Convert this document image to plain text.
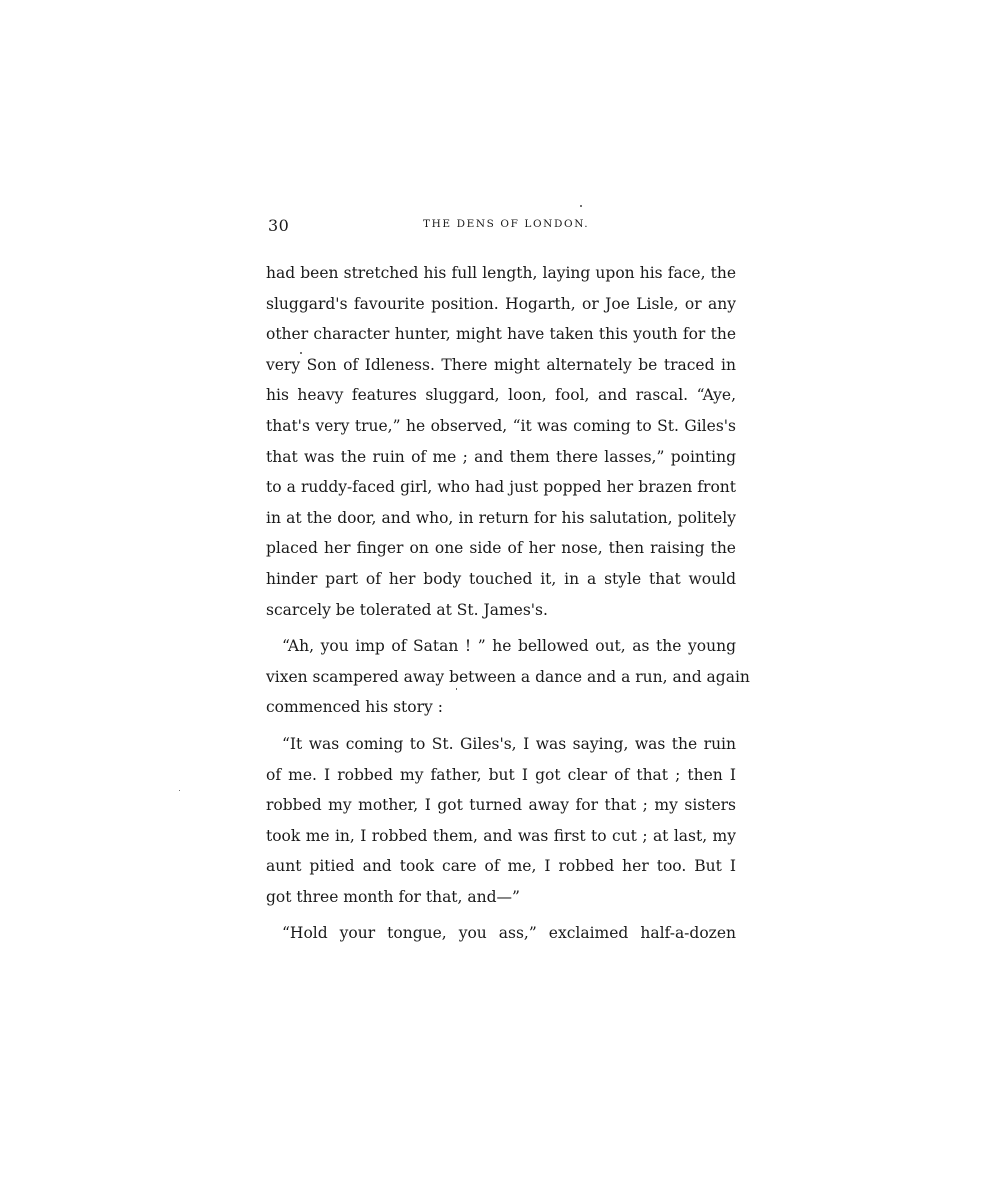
30	THE DENS OF LONDON.
had been stretched his full length, laying upon his face, the
sluggard's favourite position. Hogarth, or Joe Lisle, or any
other character hunter, might have taken this youth for the
very Son of Idleness. There might alternately be traced in
his heavy features sluggard, loon, fool, and rascal. “Aye,
that's very true,” he observed, “it was coming to St. Giles's
that was the ruin of me ; and them there lasses,” pointing
to a ruddy-faced girl, who had just popped her brazen front
in at the door, and who, in return for his salutation, politely
placed her finger on one side of her nose, then raising the
hinder part of her body touched it, in a style that would
scarcely be tolerated at St. James's.
“Ah, you imp of Satan ! ” he bellowed out, as the young
vixen scampered away between a dance and a run, and again
commenced his story :
“It was coming to St. Giles's, I was saying, was the ruin
of me. I robbed my father, but I got clear of that ; then I
robbed my mother, I got turned away for that ; my sisters
took me in, I robbed them, and was first to cut ; at last, my
aunt pitied and took care of me, I robbed her too. But I
got three month for that, and—”
“Hold your tongue, you ass,” exclaimed half-a-dozen
